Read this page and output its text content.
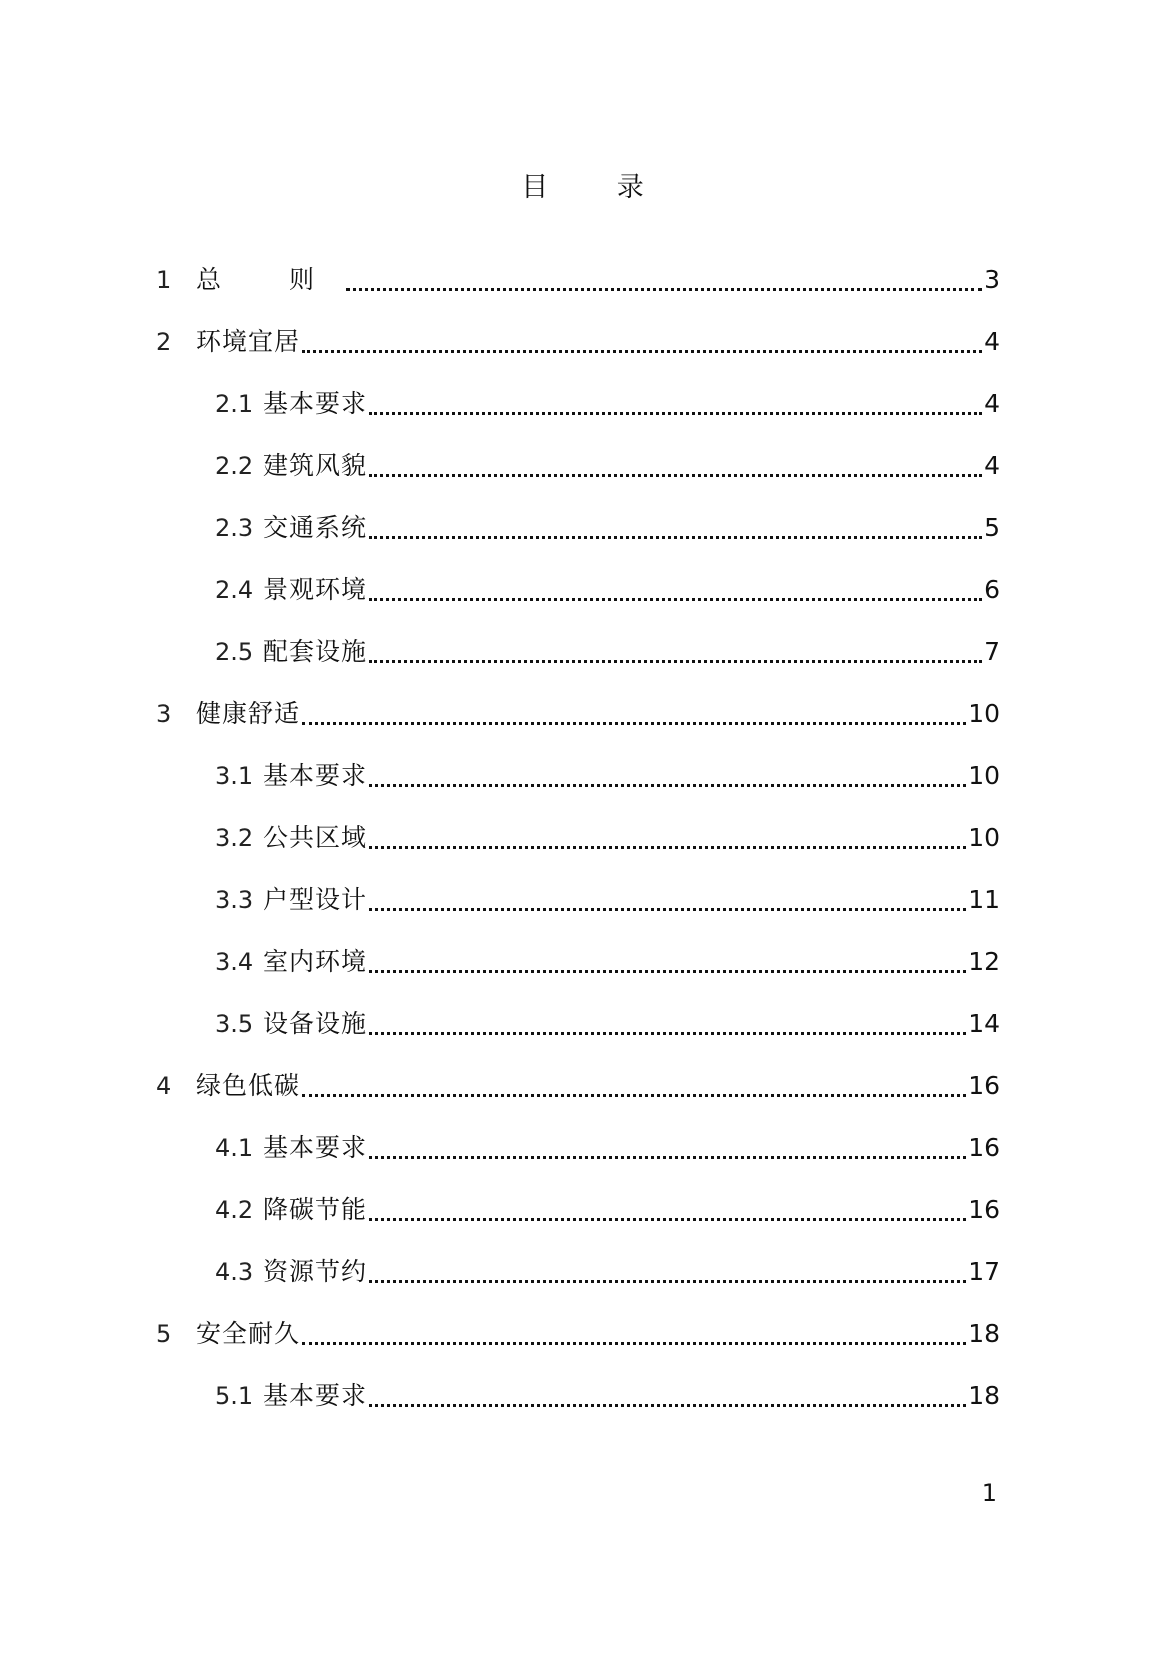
目 录
1 总 则	3
2 环境宜居	4
2.1 基本要求	4
2.2 建筑风貌	4
2.3 交通系统	5
2.4 景观环境	6
2.5 配套设施	7
3 健康舒适	10
3.1 基本要求	10
3.2 公共区域	10
3.3 户型设计	11
3.4 室内环境	12
3.5 设备设施	14
4 绿色低碳	16
4.1 基本要求	16
4.2 降碳节能	16
4.3 资源节约	17
5 安全耐久	18
5.1 基本要求	18
1
